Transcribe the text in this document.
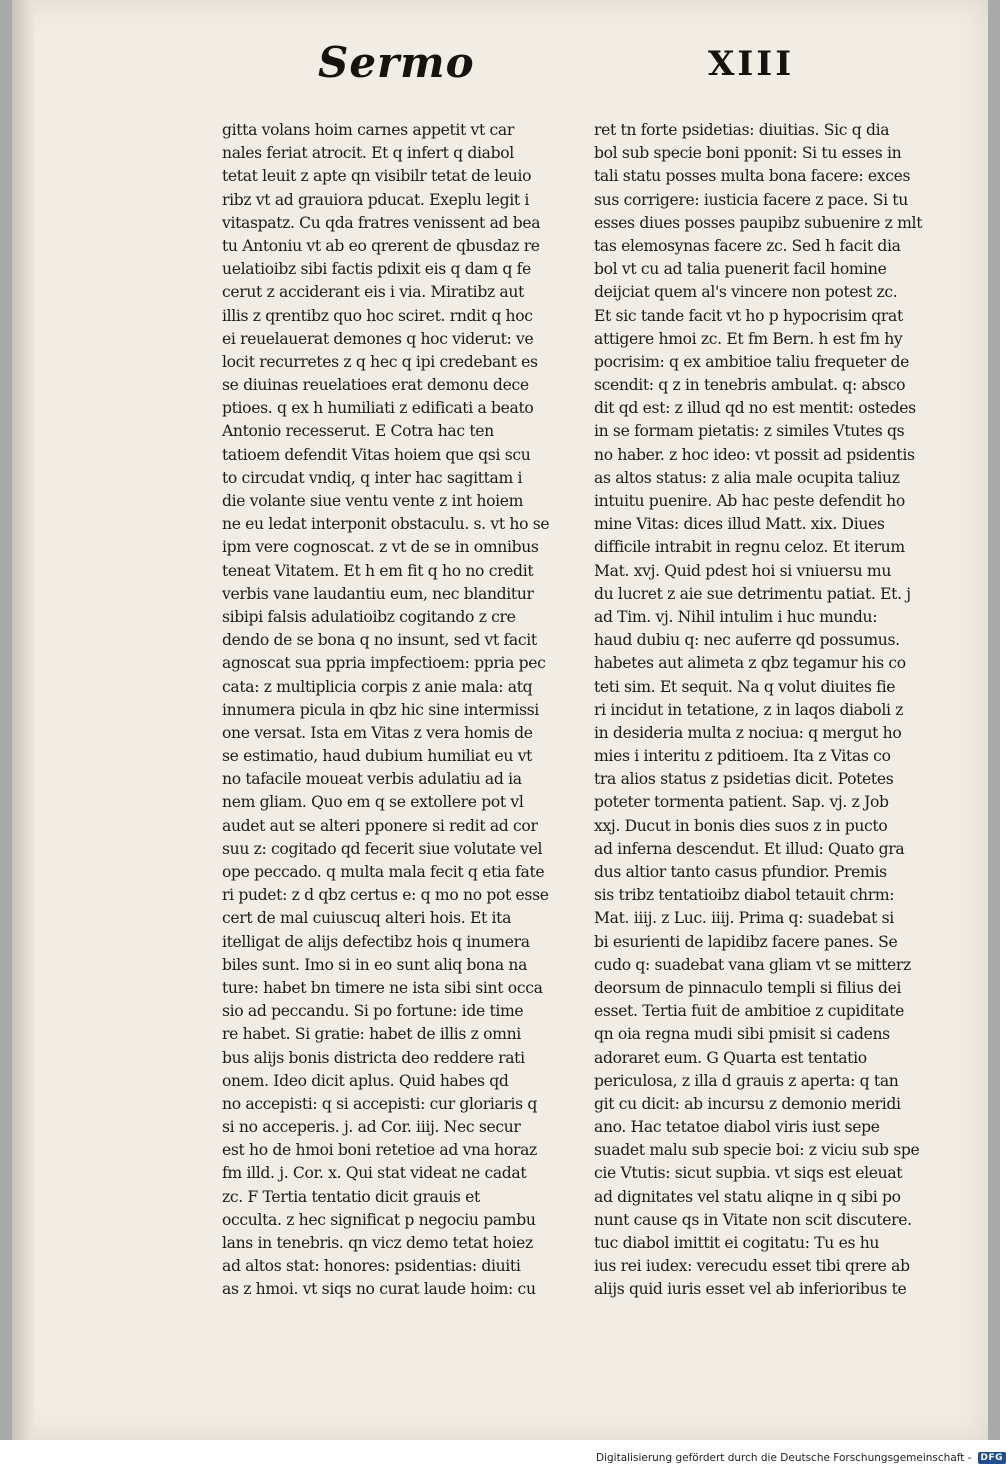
Sermo	XIII
gitta volans hoim carnes appetit vt car
nales feriat atrocit. Et q infert q diabol
tetat leuit z apte qn visibilr tetat de leuio
ribz vt ad grauiora pducat. Exeplu legit i
vitaspatz. Cu qda fratres venissent ad bea
tu Antoniu vt ab eo qrerent de qbusdaz re
uelatioibz sibi factis pdixit eis q dam q fe
cerut z acciderant eis i via. Miratibz aut
illis z qrentibz quo hoc sciret. rndit q hoc
ei reuelauerat demones q hoc viderut: ve
locit recurretes z q hec q ipi credebant es
se diuinas reuelatioes erat demonu dece
ptioes. q ex h humiliati z edificati a beato
Antonio recesserut. E Cotra hac ten
tatioem defendit Vitas hoiem que qsi scu
to circudat vndiq, q inter hac sagittam i
die volante siue ventu vente z int hoiem
ne eu ledat interponit obstaculu. s. vt ho se
ipm vere cognoscat. z vt de se in omnibus
teneat Vitatem. Et h em fit q ho no credit
verbis vane laudantiu eum, nec blanditur
sibipi falsis adulatioibz cogitando z cre
dendo de se bona q no insunt, sed vt facit
agnoscat sua ppria impfectioem: ppria pec
cata: z multiplicia corpis z anie mala: atq
innumera picula in qbz hic sine intermissi
one versat. Ista em Vitas z vera homis de
se estimatio, haud dubium humiliat eu vt
no tafacile moueat verbis adulatiu ad ia
nem gliam. Quo em q se extollere pot vl
audet aut se alteri pponere si redit ad cor
suu z: cogitado qd fecerit siue volutate vel
ope peccado. q multa mala fecit q etia fate
ri pudet: z d qbz certus e: q mo no pot esse
cert de mal cuiuscuq alteri hois. Et ita
itelligat de alijs defectibz hois q inumera
biles sunt. Imo si in eo sunt aliq bona na
ture: habet bn timere ne ista sibi sint occa
sio ad peccandu. Si po fortune: ide time
re habet. Si gratie: habet de illis z omni
bus alijs bonis districta deo reddere rati
onem. Ideo dicit aplus. Quid habes qd
no accepisti: q si accepisti: cur gloriaris q
si no acceperis. j. ad Cor. iiij. Nec secur
est ho de hmoi boni retetioe ad vna horaz
fm illd. j. Cor. x. Qui stat videat ne cadat
zc. F Tertia tentatio dicit grauis et
occulta. z hec significat p negociu pambu
lans in tenebris. qn vicz demo tetat hoiez
ad altos stat: honores: psidentias: diuiti
as z hmoi. vt siqs no curat laude hoim: cu
ret tn forte psidetias: diuitias. Sic q dia
bol sub specie boni pponit: Si tu esses in
tali statu posses multa bona facere: exces
sus corrigere: iusticia facere z pace. Si tu
esses diues posses paupibz subuenire z mlt
tas elemosynas facere zc. Sed h facit dia
bol vt cu ad talia puenerit facil homine
deijciat quem al's vincere non potest zc.
Et sic tande facit vt ho p hypocrisim qrat
attigere hmoi zc. Et fm Bern. h est fm hy
pocrisim: q ex ambitioe taliu frequeter de
scendit: q z in tenebris ambulat. q: absco
dit qd est: z illud qd no est mentit: ostedes
in se formam pietatis: z similes Vtutes qs
no haber. z hoc ideo: vt possit ad psidentis
as altos status: z alia male ocupita taliuz
intuitu puenire. Ab hac peste defendit ho
mine Vitas: dices illud Matt. xix. Diues
difficile intrabit in regnu celoz. Et iterum
Mat. xvj. Quid pdest hoi si vniuersu mu
du lucret z aie sue detrimentu patiat. Et. j
ad Tim. vj. Nihil intulim i huc mundu:
haud dubiu q: nec auferre qd possumus.
habetes aut alimeta z qbz tegamur his co
teti sim. Et sequit. Na q volut diuites fie
ri incidut in tetatione, z in laqos diaboli z
in desideria multa z nociua: q mergut ho
mies i interitu z pditioem. Ita z Vitas co
tra alios status z psidetias dicit. Potetes
poteter tormenta patient. Sap. vj. z Job
xxj. Ducut in bonis dies suos z in pucto
ad inferna descendut. Et illud: Quato gra
dus altior tanto casus pfundior. Premis
sis tribz tentatioibz diabol tetauit chrm:
Mat. iiij. z Luc. iiij. Prima q: suadebat si
bi esurienti de lapidibz facere panes. Se
cudo q: suadebat vana gliam vt se mitterz
deorsum de pinnaculo templi si filius dei
esset. Tertia fuit de ambitioe z cupiditate
qn oia regna mudi sibi pmisit si cadens
adoraret eum. G Quarta est tentatio
periculosa, z illa d grauis z aperta: q tan
git cu dicit: ab incursu z demonio meridi
ano. Hac tetatoe diabol viris iust sepe
suadet malu sub specie boi: z viciu sub spe
cie Vtutis: sicut supbia. vt siqs est eleuat
ad dignitates vel statu aliqne in q sibi po
nunt cause qs in Vitate non scit discutere.
tuc diabol imittit ei cogitatu: Tu es hu
ius rei iudex: verecudu esset tibi qrere ab
alijs quid iuris esset vel ab inferioribus te
Digitalisierung gefördert durch die Deutsche Forschungsgemeinschaft -	DFG
